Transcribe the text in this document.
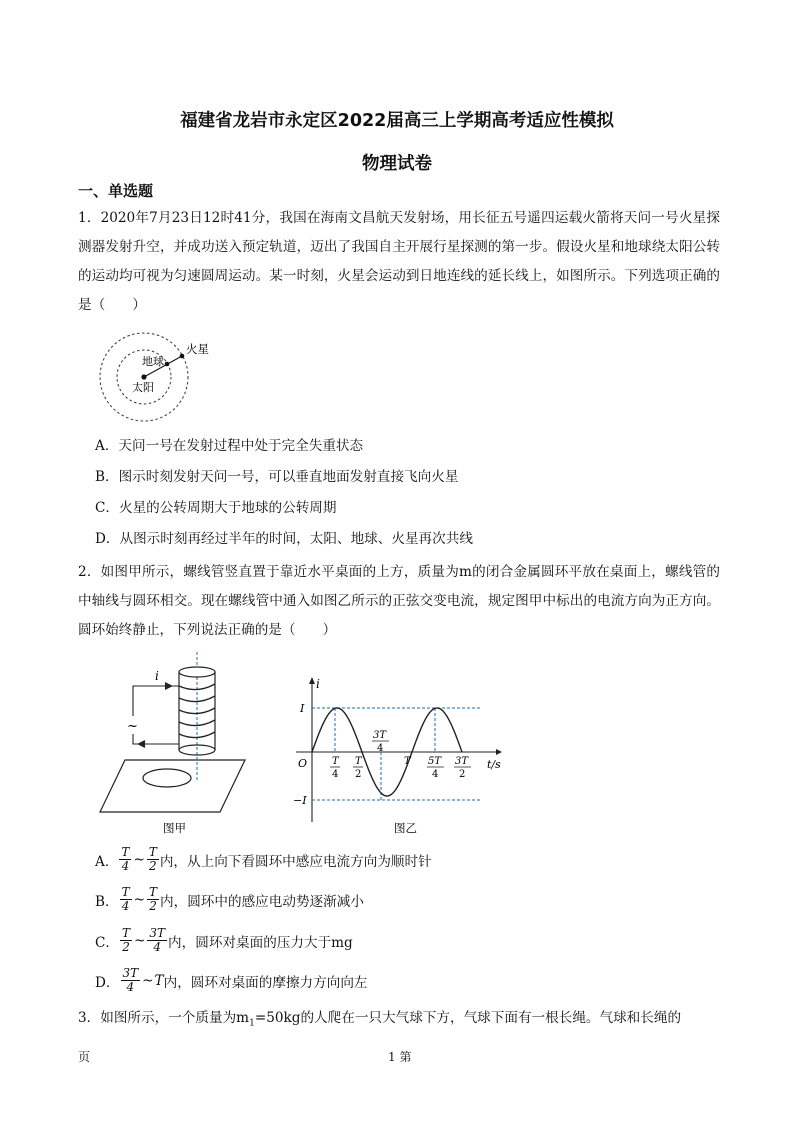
福建省龙岩市永定区2022届高三上学期高考适应性模拟
物理试卷
一、单选题
1．2020年7月23日12时41分，我国在海南文昌航天发射场，用长征五号遥四运载火箭将天问一号火星探测器发射升空，并成功送入预定轨道，迈出了我国自主开展行星探测的第一步。假设火星和地球绕太阳公转的运动均可视为匀速圆周运动。某一时刻，火星会运动到日地连线的延长线上，如图所示。下列选项正确的是（　　）
火星
地球
太阳
A．天问一号在发射过程中处于完全失重状态
B．图示时刻发射天问一号，可以垂直地面发射直接飞向火星
C．火星的公转周期大于地球的公转周期
D．从图示时刻再经过半年的时间，太阳、地球、火星再次共线
2．如图甲所示，螺线管竖直置于靠近水平桌面的上方，质量为m的闭合金属圆环平放在桌面上，螺线管的中轴线与圆环相交。现在螺线管中通入如图乙所示的正弦交变电流，规定图甲中标出的电流方向为正方向。圆环始终静止，下列说法正确的是（　　）
~
i
图甲
i
t/s
O
I
−I
T
4
T
2
3T
4
T 5T
4
3T
2
图乙
A． $\frac{T}{4}$ ~ $\frac{T}{2}$ 内，从上向下看圆环中感应电流方向为顺时针
B． $\frac{T}{4}$ ~ $\frac{T}{2}$ 内，圆环中的感应电动势逐渐减小
C． $\frac{T}{2}$ ~ $\frac{3T}{4}$ 内，圆环对桌面的压力大于mg
D． $\frac{3T}{4}$ ~ T 内，圆环对桌面的摩擦力方向向左
3．如图所示，一个质量为$m_1=50kg$的人爬在一只大气球下方，气球下面有一根长绳。气球和长绳的
页	1 第
